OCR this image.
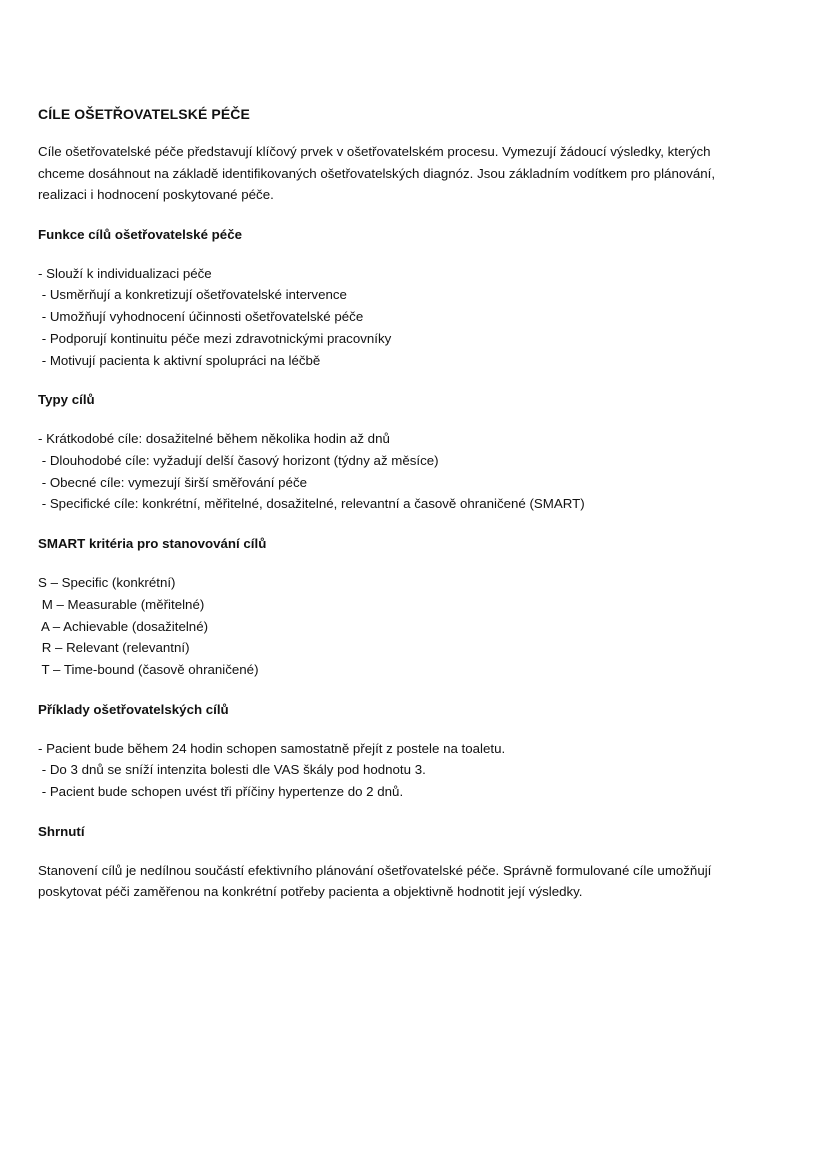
CÍLE OŠETŘOVATELSKÉ PÉČE

Cíle ošetřovatelské péče představují klíčový prvek v ošetřovatelském procesu. Vymezují žádoucí výsledky, kterých

chceme dosáhnout na základě identifikovaných ošetřovatelských diagnóz. Jsou základním vodítkem pro plánování,

realizaci i hodnocení poskytované péče.

Funkce cílů ošetřovatelské péče
- Slouží k individualizaci péče
- Usměrňují a konkretizují ošetřovatelské intervence
- Umožňují vyhodnocení účinnosti ošetřovatelské péče
- Podporují kontinuitu péče mezi zdravotnickými pracovníky
- Motivují pacienta k aktivní spolupráci na léčbě
Typy cílů
- Krátkodobé cíle: dosažitelné během několika hodin až dnů
- Dlouhodobé cíle: vyžadují delší časový horizont (týdny až měsíce)
- Obecné cíle: vymezují širší směřování péče
- Specifické cíle: konkrétní, měřitelné, dosažitelné, relevantní a časově ohraničené (SMART)
SMART kritéria pro stanovování cílů
S – Specific (konkrétní)
M – Measurable (měřitelné)
A – Achievable (dosažitelné)
R – Relevant (relevantní)
T – Time-bound (časově ohraničené)
Příklady ošetřovatelských cílů
- Pacient bude během 24 hodin schopen samostatně přejít z postele na toaletu.
- Do 3 dnů se sníží intenzita bolesti dle VAS škály pod hodnotu 3.
- Pacient bude schopen uvést tři příčiny hypertenze do 2 dnů.
Shrnutí

Stanovení cílů je nedílnou součástí efektivního plánování ošetřovatelské péče. Správně formulované cíle umožňují

poskytovat péči zaměřenou na konkrétní potřeby pacienta a objektivně hodnotit její výsledky.
